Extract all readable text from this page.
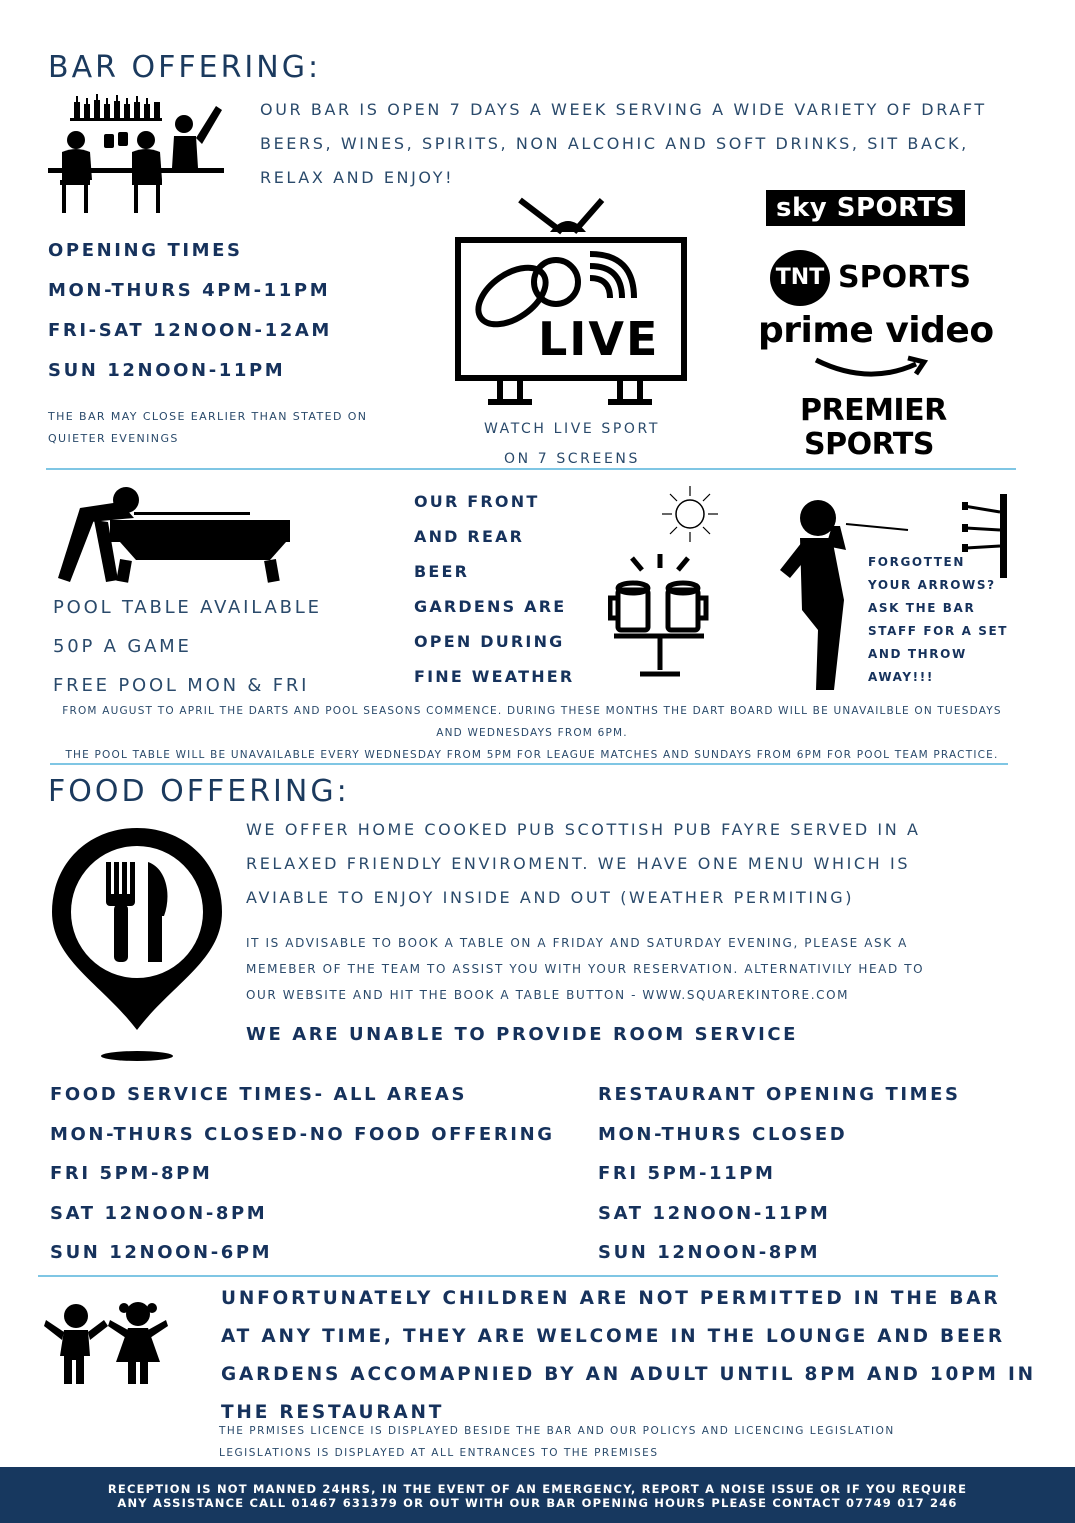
BAR OFFERING:
OUR BAR IS OPEN 7 DAYS A WEEK SERVING A WIDE VARIETY OF DRAFT
BEERS, WINES, SPIRITS, NON ALCOHIC AND SOFT DRINKS, SIT BACK,
RELAX AND ENJOY!
OPENING TIMES
MON-THURS 4PM-11PM
FRI-SAT 12NOON-12AM
SUN 12NOON-11PM
THE BAR MAY CLOSE EARLIER THAN STATED ON
QUIETER EVENINGS
LIVE
WATCH LIVE SPORT
ON 7 SCREENS
sky SPORTS
TNT SPORTS
prime video
PREMIER
SPORTS
POOL TABLE AVAILABLE
50P A GAME
FREE POOL MON & FRI
OUR FRONT
AND REAR
BEER
GARDENS ARE
OPEN DURING
FINE WEATHER
FORGOTTEN
YOUR ARROWS?
ASK THE BAR
STAFF FOR A SET
AND THROW
AWAY!!!
FROM AUGUST TO APRIL THE DARTS AND POOL SEASONS COMMENCE. DURING THESE MONTHS THE DART BOARD WILL BE UNAVAILBLE ON TUESDAYS
AND WEDNESDAYS FROM 6PM.
THE POOL TABLE WILL BE UNAVAILABLE EVERY WEDNESDAY FROM 5PM FOR LEAGUE MATCHES AND SUNDAYS FROM 6PM FOR POOL TEAM PRACTICE.
FOOD OFFERING:
WE OFFER HOME COOKED PUB SCOTTISH PUB FAYRE SERVED IN A
RELAXED FRIENDLY ENVIROMENT. WE HAVE ONE MENU WHICH IS
AVIABLE TO ENJOY INSIDE AND OUT (WEATHER PERMITING)
IT IS ADVISABLE TO BOOK A TABLE ON A FRIDAY AND SATURDAY EVENING, PLEASE ASK A
MEMEBER OF THE TEAM TO ASSIST YOU WITH YOUR RESERVATION. ALTERNATIVILY HEAD TO
OUR WEBSITE AND HIT THE BOOK A TABLE BUTTON - WWW.SQUAREKINTORE.COM
WE ARE UNABLE TO PROVIDE ROOM SERVICE
FOOD SERVICE TIMES- ALL AREAS
MON-THURS CLOSED-NO FOOD OFFERING
FRI 5PM-8PM
SAT 12NOON-8PM
SUN 12NOON-6PM
RESTAURANT OPENING TIMES
MON-THURS CLOSED
FRI 5PM-11PM
SAT 12NOON-11PM
SUN 12NOON-8PM
UNFORTUNATELY CHILDREN ARE NOT PERMITTED IN THE BAR
AT ANY TIME, THEY ARE WELCOME IN THE LOUNGE AND BEER
GARDENS ACCOMAPNIED BY AN ADULT UNTIL 8PM AND 10PM IN
THE RESTAURANT
THE PRMISES LICENCE IS DISPLAYED BESIDE THE BAR AND OUR POLICYS AND LICENCING LEGISLATION
LEGISLATIONS IS DISPLAYED AT ALL ENTRANCES TO THE PREMISES
RECEPTION IS NOT MANNED 24HRS, IN THE EVENT OF AN EMERGENCY, REPORT A NOISE ISSUE OR IF YOU REQUIRE
ANY ASSISTANCE CALL 01467 631379 OR OUT WITH OUR BAR OPENING HOURS PLEASE CONTACT 07749 017 246
